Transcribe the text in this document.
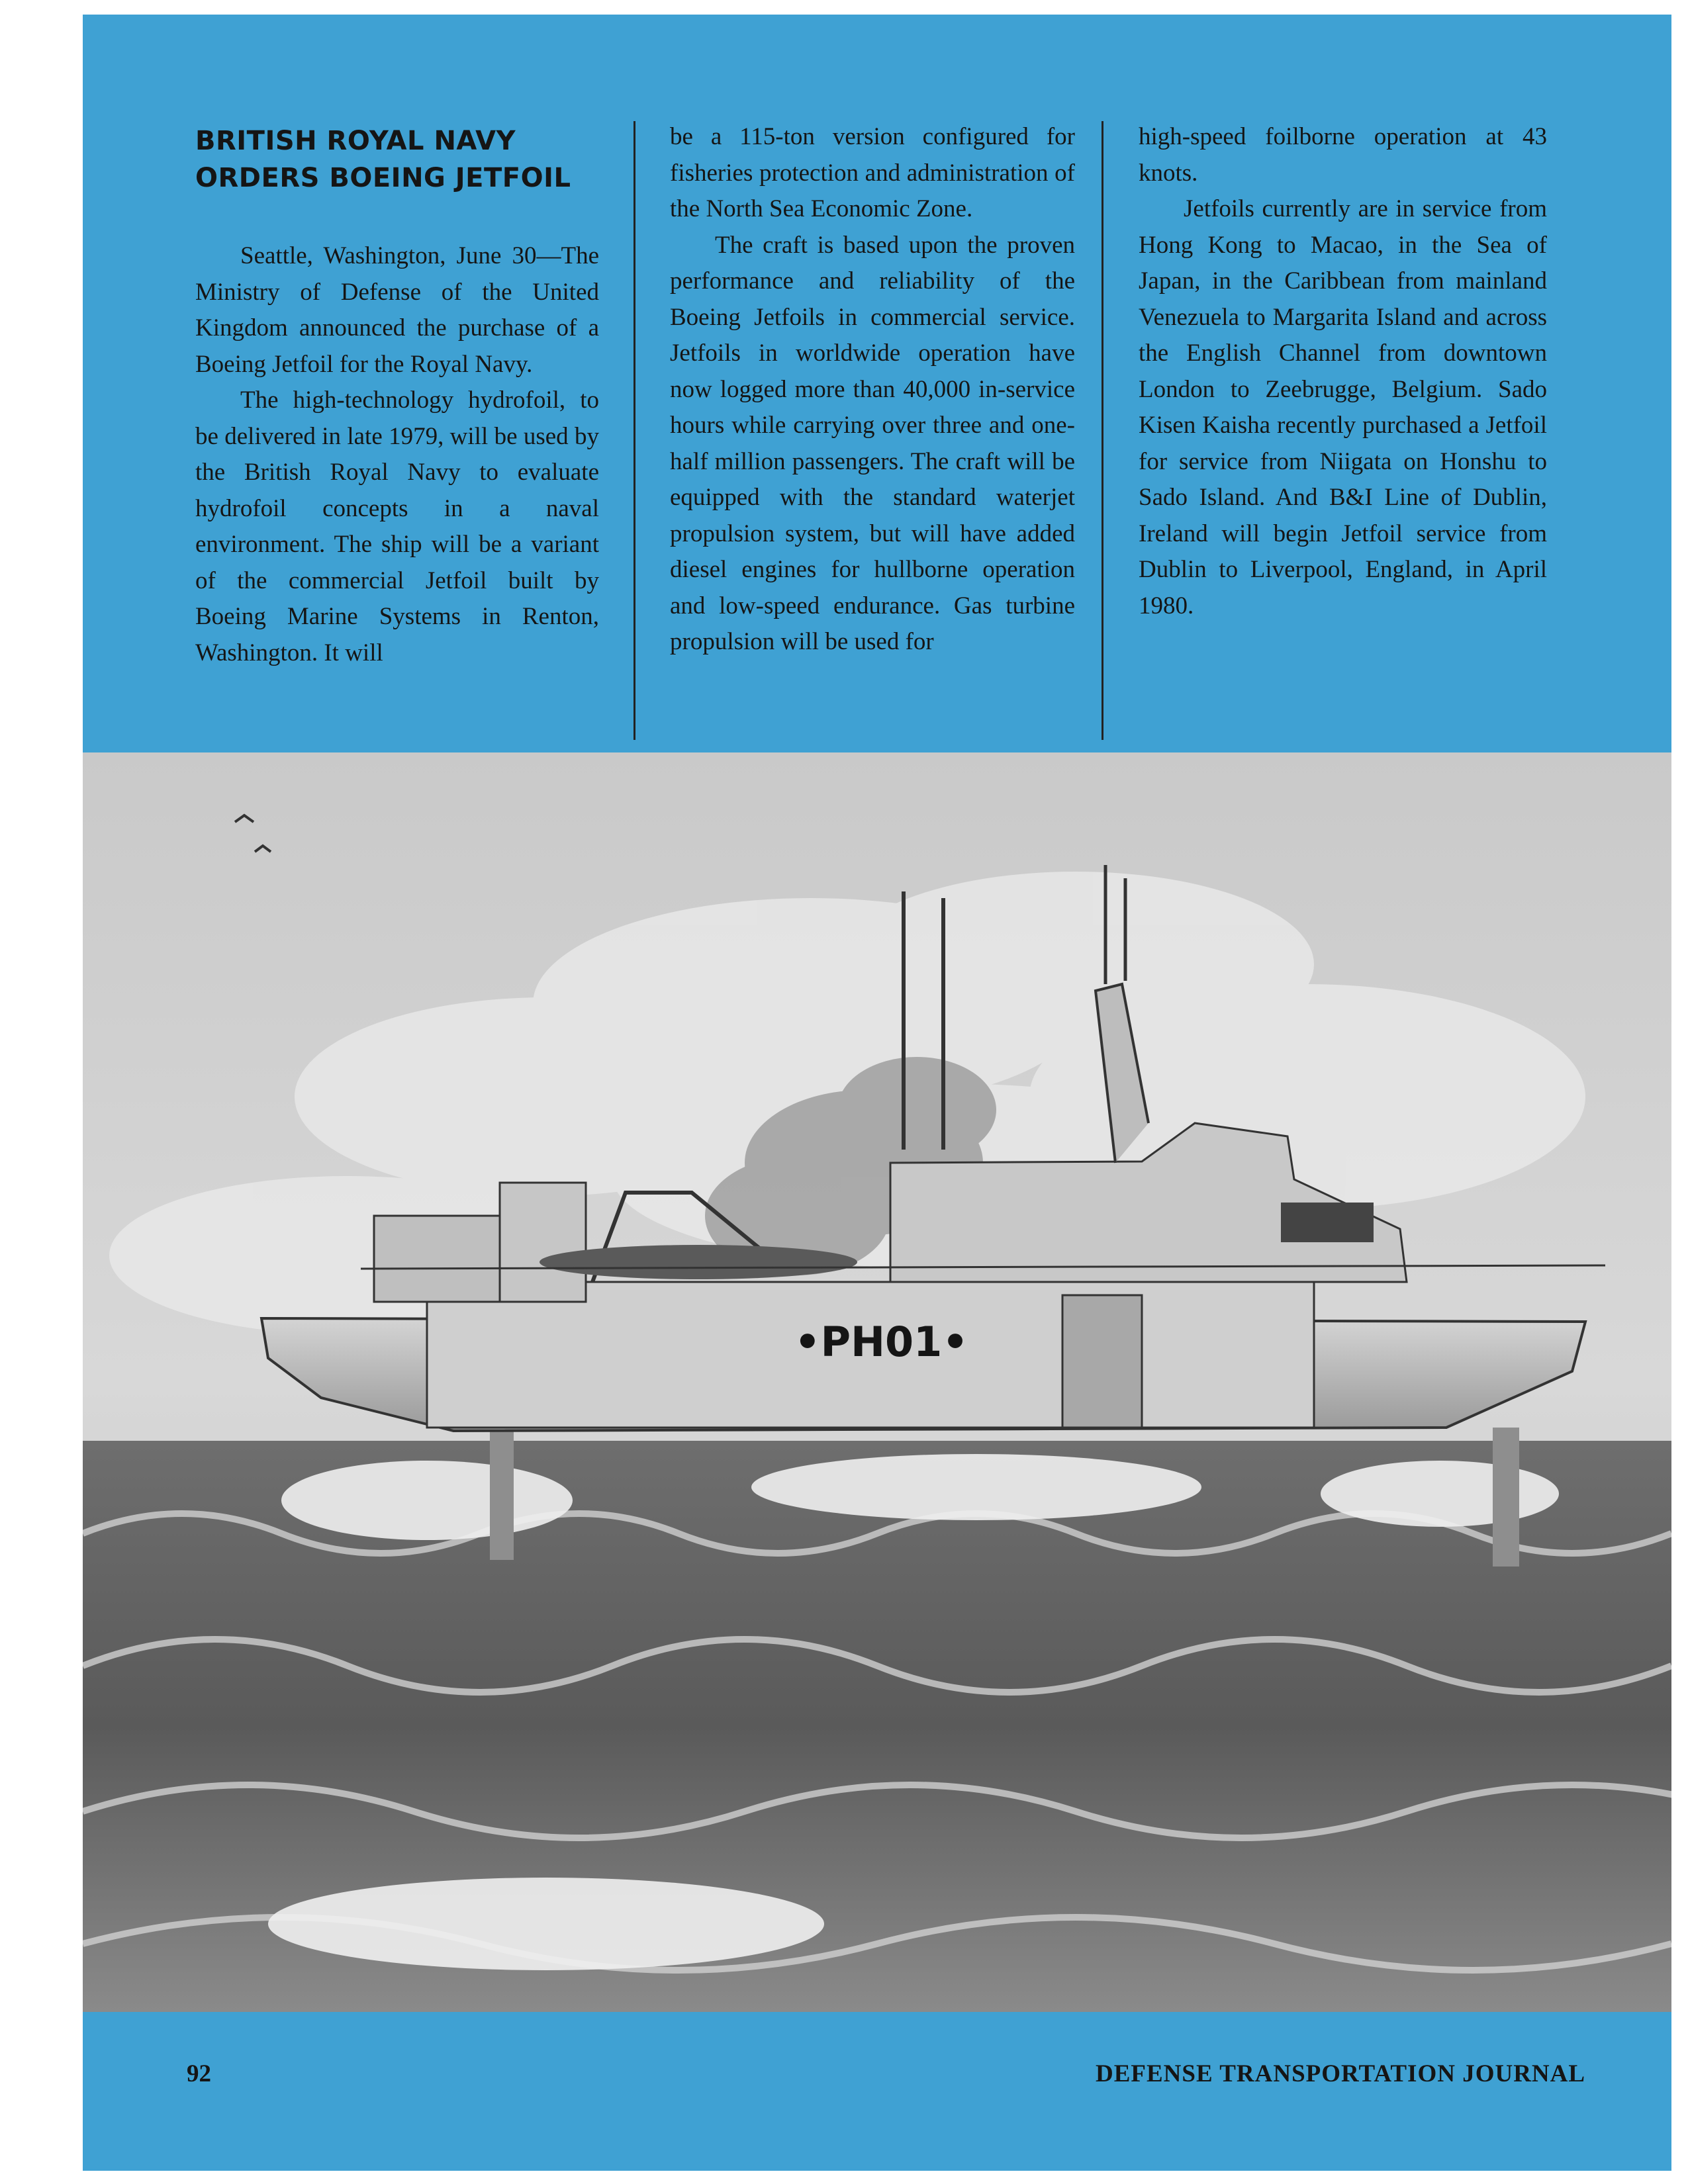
BRITISH ROYAL NAVY
ORDERS BOEING JETFOIL

Seattle, Washington, June 30—The Ministry of Defense of the United Kingdom announced the purchase of a Boeing Jetfoil for the Royal Navy.

The high-technology hydrofoil, to be delivered in late 1979, will be used by the British Royal Navy to evaluate hydrofoil concepts in a naval environment. The ship will be a variant of the commercial Jetfoil built by Boeing Marine Systems in Renton, Washington. It will

be a 115-ton version configured for fisheries protection and administration of the North Sea Economic Zone.

The craft is based upon the proven performance and reliability of the Boeing Jetfoils in commercial service. Jetfoils in worldwide operation have now logged more than 40,000 in-service hours while carrying over three and one-half million passengers. The craft will be equipped with the standard waterjet propulsion system, but will have added diesel engines for hullborne operation and low-speed endurance. Gas turbine propulsion will be used for

high-speed foilborne operation at 43 knots.

Jetfoils currently are in service from Hong Kong to Macao, in the Sea of Japan, in the Caribbean from mainland Venezuela to Margarita Island and across the English Channel from downtown London to Zeebrugge, Belgium. Sado Kisen Kaisha recently purchased a Jetfoil for service from Niigata on Honshu to Sado Island. And B&I Line of Dublin, Ireland will begin Jetfoil service from Dublin to Liverpool, England, in April 1980.

•PH01•
92	DEFENSE TRANSPORTATION JOURNAL
